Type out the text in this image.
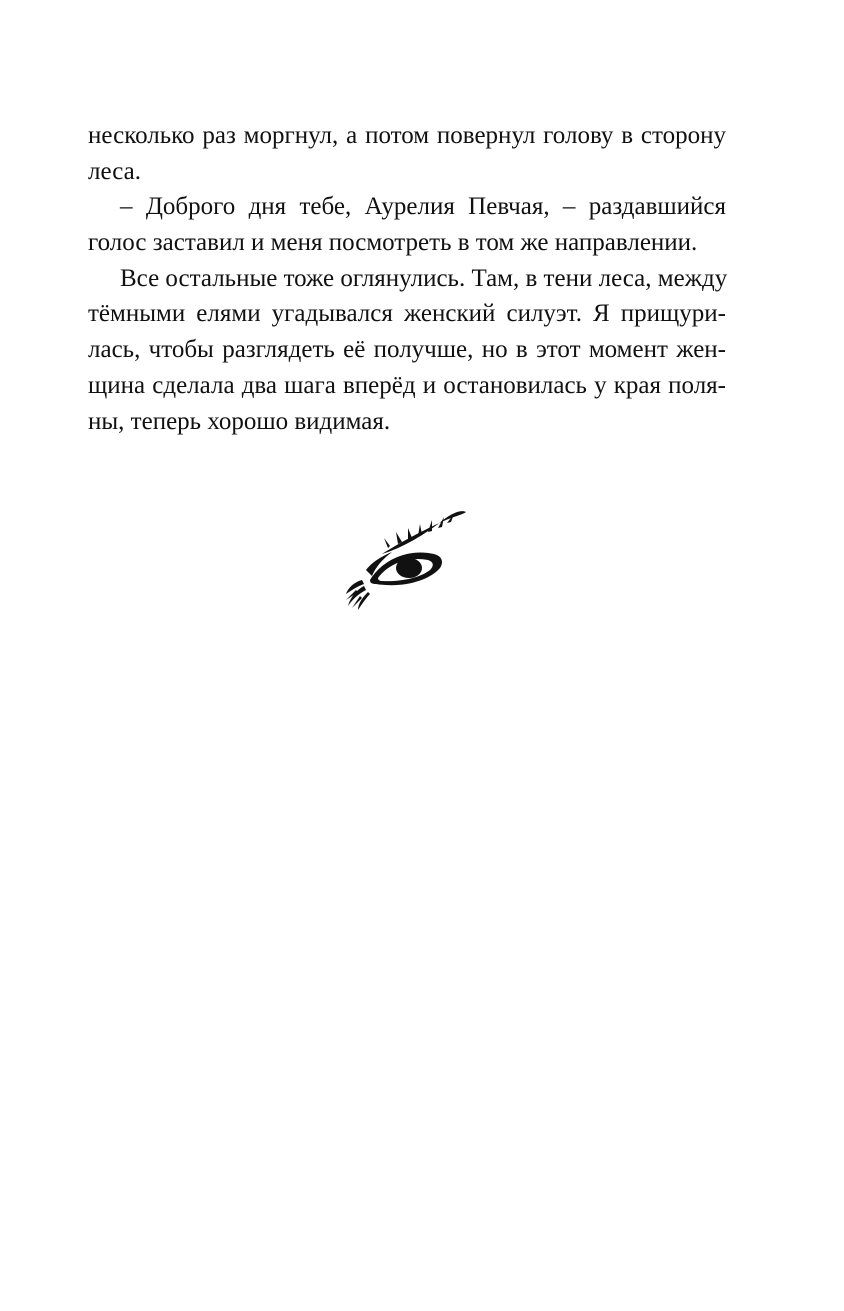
несколько раз моргнул, а потом повернул голову в сторону
леса.
– Доброго дня тебе, Аурелия Певчая, – раздавшийся
голос заставил и меня посмотреть в том же направлении.
Все остальные тоже оглянулись. Там, в тени леса, между
тёмными елями угадывался женский силуэт. Я прищури-
лась, чтобы разглядеть её получше, но в этот момент жен-
щина сделала два шага вперёд и остановилась у края поля-
ны, теперь хорошо видимая.
